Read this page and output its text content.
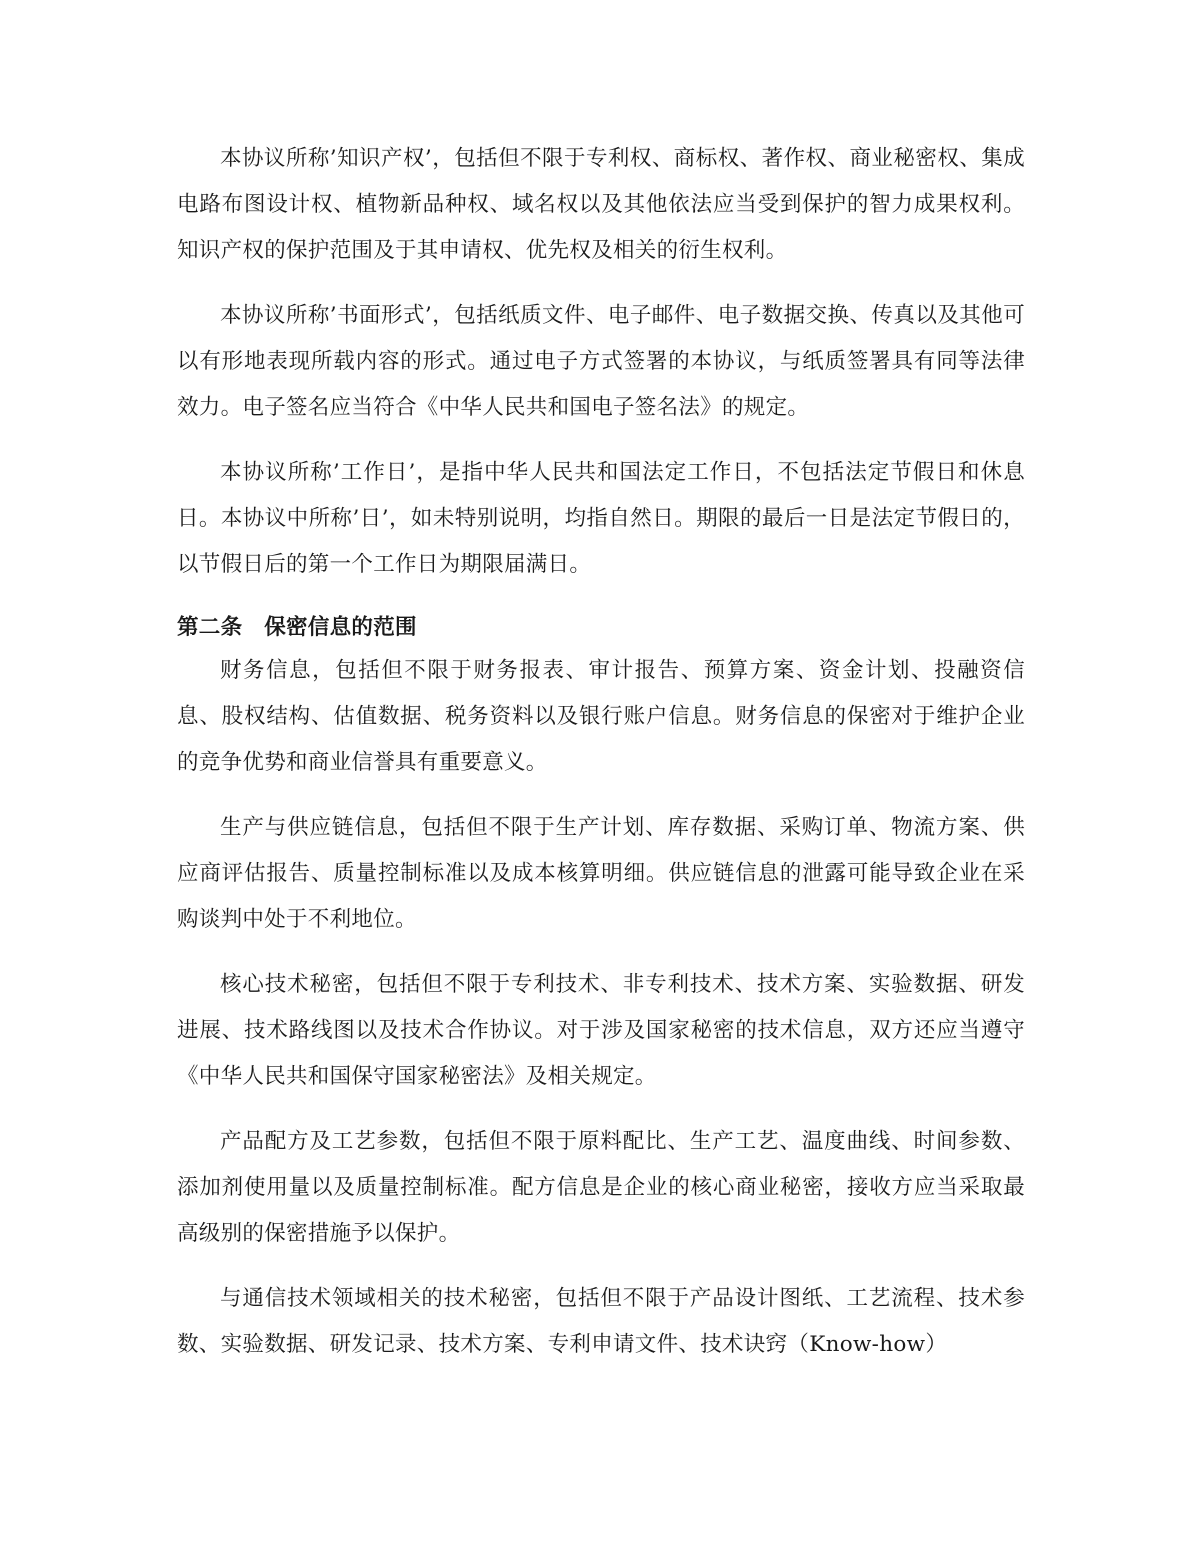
本协议所称’知识产权’，包括但不限于专利权、商标权、著作权、商业秘密权、集成电路布图设计权、植物新品种权、域名权以及其他依法应当受到保护的智力成果权利。知识产权的保护范围及于其申请权、优先权及相关的衍生权利。

本协议所称’书面形式’，包括纸质文件、电子邮件、电子数据交换、传真以及其他可以有形地表现所载内容的形式。通过电子方式签署的本协议，与纸质签署具有同等法律效力。电子签名应当符合《中华人民共和国电子签名法》的规定。

本协议所称’工作日’，是指中华人民共和国法定工作日，不包括法定节假日和休息日。本协议中所称’日’，如未特别说明，均指自然日。期限的最后一日是法定节假日的，以节假日后的第一个工作日为期限届满日。

第二条　保密信息的范围

财务信息，包括但不限于财务报表、审计报告、预算方案、资金计划、投融资信息、股权结构、估值数据、税务资料以及银行账户信息。财务信息的保密对于维护企业的竞争优势和商业信誉具有重要意义。

生产与供应链信息，包括但不限于生产计划、库存数据、采购订单、物流方案、供应商评估报告、质量控制标准以及成本核算明细。供应链信息的泄露可能导致企业在采购谈判中处于不利地位。

核心技术秘密，包括但不限于专利技术、非专利技术、技术方案、实验数据、研发进展、技术路线图以及技术合作协议。对于涉及国家秘密的技术信息，双方还应当遵守《中华人民共和国保守国家秘密法》及相关规定。

产品配方及工艺参数，包括但不限于原料配比、生产工艺、温度曲线、时间参数、添加剂使用量以及质量控制标准。配方信息是企业的核心商业秘密，接收方应当采取最高级别的保密措施予以保护。

与通信技术领域相关的技术秘密，包括但不限于产品设计图纸、工艺流程、技术参数、实验数据、研发记录、技术方案、专利申请文件、技术诀窍（Know-how）
